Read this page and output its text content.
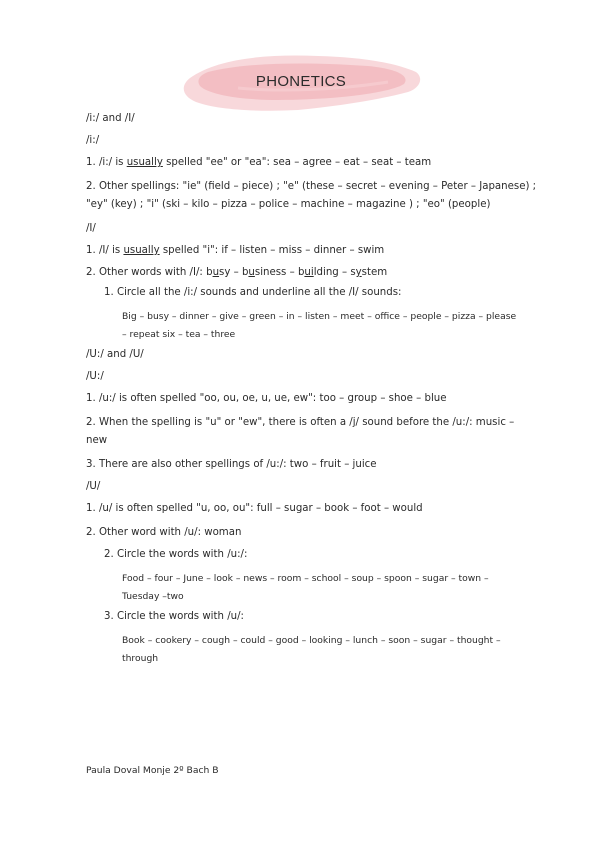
PHONETICS
/i:/ and /I/
/i:/
1. /i:/ is usually spelled "ee" or "ea": sea – agree – eat – seat – team
2. Other spellings: "ie" (field – piece) ; "e" (these – secret – evening – Peter – Japanese) ;
"ey" (key) ; "i" (ski – kilo – pizza – police – machine – magazine ) ; "eo" (people)
/I/
1. /I/ is usually spelled "i": if – listen – miss – dinner – swim
2. Other words with /I/: busy – business – building – system
1. Circle all the /i:/ sounds and underline all the /I/ sounds:
Big – busy – dinner – give – green – in – listen – meet – office – people – pizza – please
– repeat six – tea – three
/U:/ and /U/
/U:/
1. /u:/ is often spelled "oo, ou, oe, u, ue, ew": too – group – shoe – blue
2. When the spelling is "u" or "ew", there is often a /j/ sound before the /u:/: music –
new
3. There are also other spellings of /u:/: two – fruit – juice
/U/
1. /u/ is often spelled "u, oo, ou": full – sugar – book – foot – would
2. Other word with /u/: woman
2. Circle the words with /u:/:
Food – four – June – look – news – room – school – soup – spoon – sugar – town –
Tuesday –two
3. Circle the words with /u/:
Book – cookery – cough – could – good – looking – lunch – soon – sugar – thought –
through
Paula Doval Monje 2º Bach B
